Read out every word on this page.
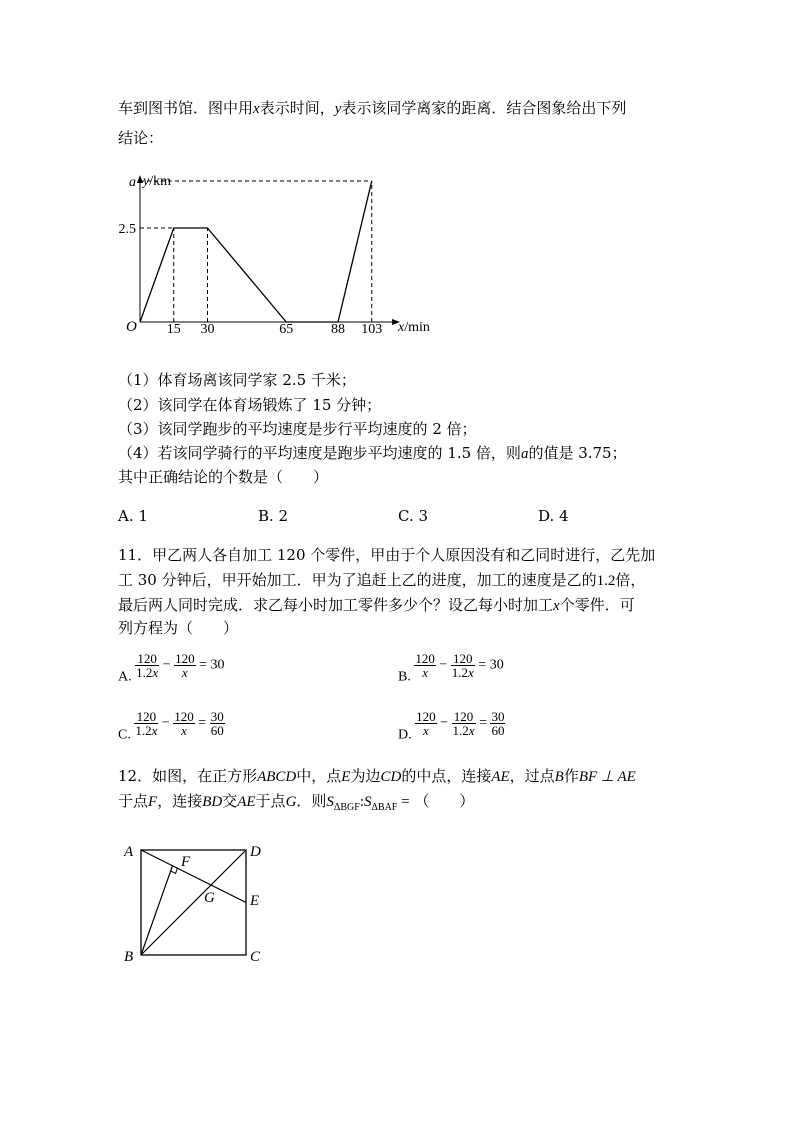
车到图书馆．图中用x表示时间，y表示该同学离家的距离．结合图象给出下列
结论：
y/km
x/min
O 15 30	65	88 103
2.5
a
（1）体育场离该同学家 2.5 千米；
（2）该同学在体育场锻炼了 15 分钟；
（3）该同学跑步的平均速度是步行平均速度的 2 倍；
（4）若该同学骑行的平均速度是跑步平均速度的 1.5 倍，则a的值是 3.75；
其中正确结论的个数是（　　）
A. 1	B. 2	C. 3	D. 4
11．甲乙两人各自加工 120 个零件，甲由于个人原因没有和乙同时进行，乙先加
工 30 分钟后，甲开始加工．甲为了追赶上乙的进度，加工的速度是乙的1.2倍，
最后两人同时完成．求乙每小时加工零件多少个？设乙每小时加工x个零件．可
列方程为（　　）
A. $\frac{120}{1.2x} - \frac{120}{x} = 30$
B. $\frac{120}{x} - \frac{120}{1.2x} = 30$
C. $\frac{120}{1.2x} - \frac{120}{x} = \frac{30}{60}$	D. $\frac{120}{x} - \frac{120}{1.2x} = \frac{30}{60}$
12．如图，在正方形ABCD中，点E为边CD的中点，连接AE，过点B作BF ⊥ AE
于点F，连接BD交AE于点G．则$S_{\Delta BGF}:S_{\Delta BAF}$ = （　　）
A
B	C
D
E
F
G
